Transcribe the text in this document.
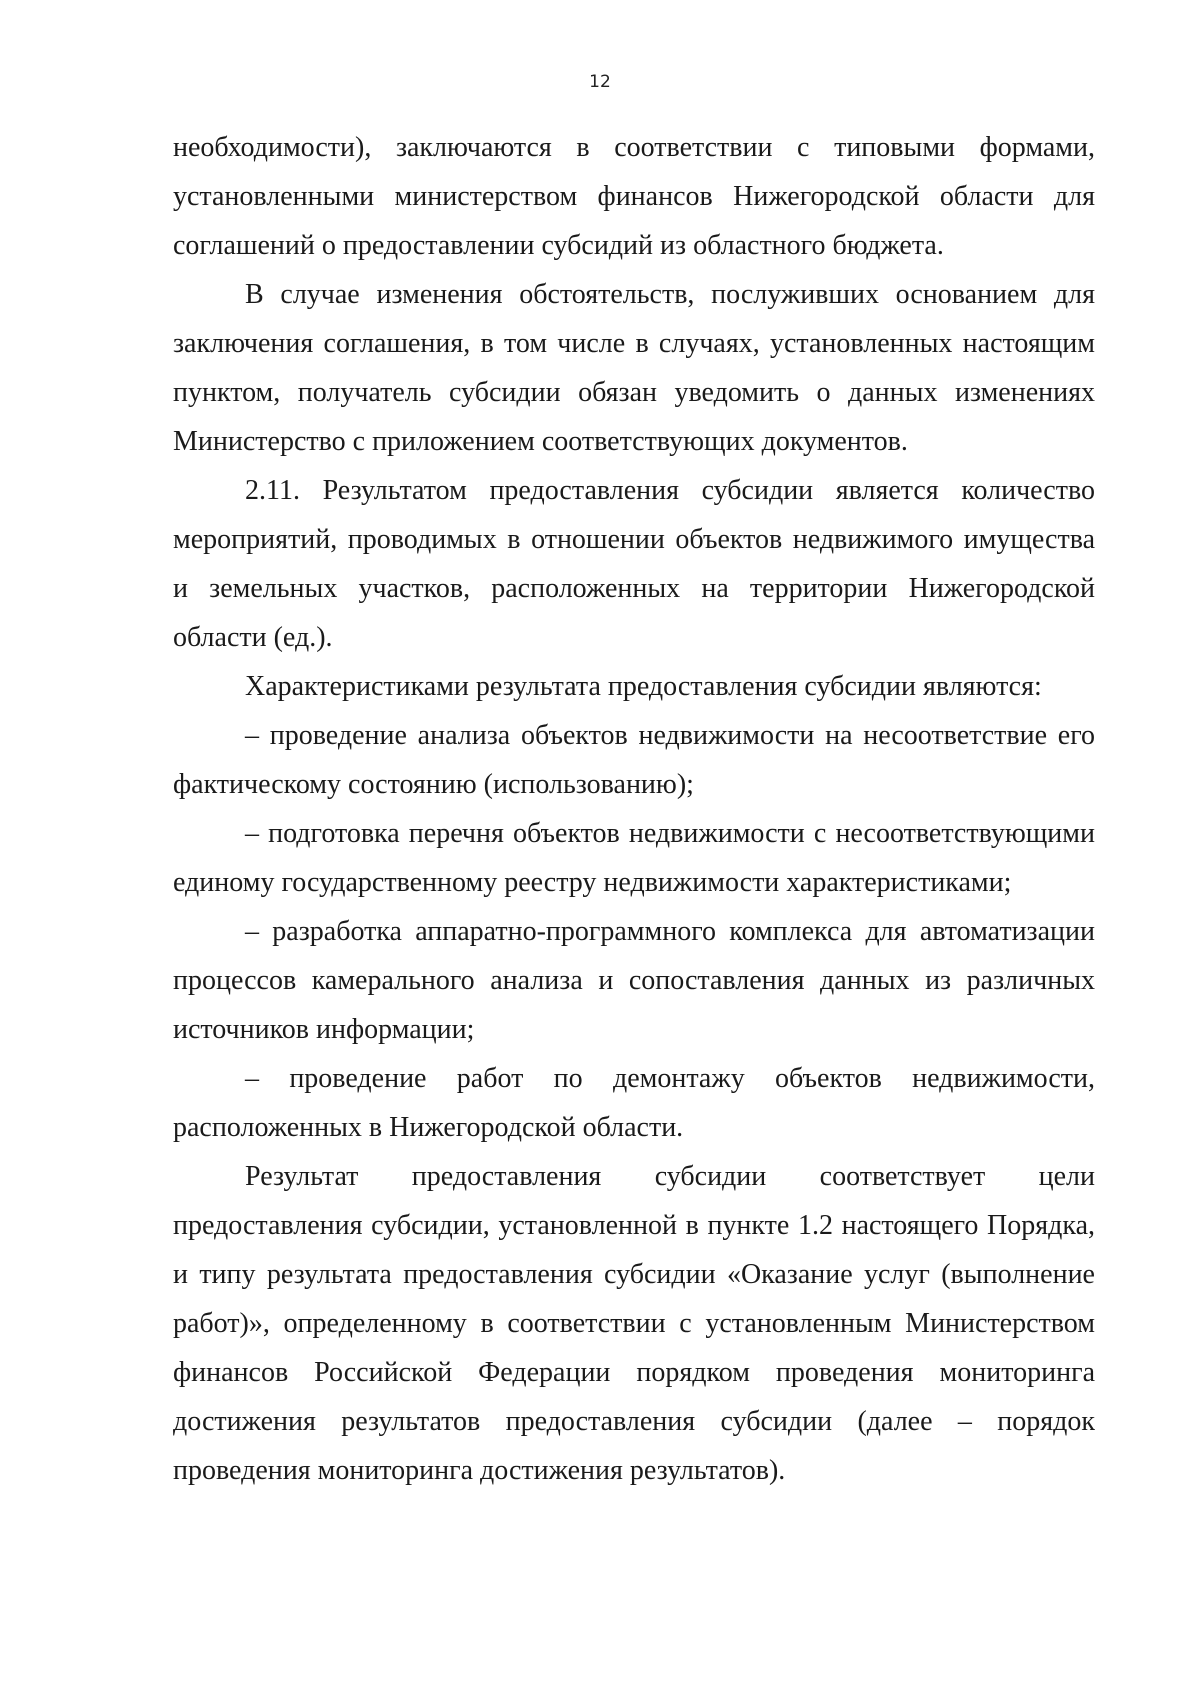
12

необходимости), заключаются в соответствии с типовыми формами, установленными министерством финансов Нижегородской области для соглашений о предоставлении субсидий из областного бюджета.

В случае изменения обстоятельств, послуживших основанием для заключения соглашения, в том числе в случаях, установленных настоящим пунктом, получатель субсидии обязан уведомить о данных изменениях Министерство с приложением соответствующих документов.

2.11. Результатом предоставления субсидии является количество мероприятий, проводимых в отношении объектов недвижимого имущества и земельных участков, расположенных на территории Нижегородской области (ед.).

Характеристиками результата предоставления субсидии являются:

– проведение анализа объектов недвижимости на несоответствие его фактическому состоянию (использованию);

– подготовка перечня объектов недвижимости с несоответствующими единому государственному реестру недвижимости характеристиками;

– разработка аппаратно-программного комплекса для автоматизации процессов камерального анализа и сопоставления данных из различных источников информации;

– проведение работ по демонтажу объектов недвижимости, расположенных в Нижегородской области.

Результат предоставления субсидии соответствует цели предоставления субсидии, установленной в пункте 1.2 настоящего Порядка, и типу результата предоставления субсидии «Оказание услуг (выполнение работ)», определенному в соответствии с установленным Министерством финансов Российской Федерации порядком проведения мониторинга достижения результатов предоставления субсидии (далее – порядок проведения мониторинга достижения результатов).
